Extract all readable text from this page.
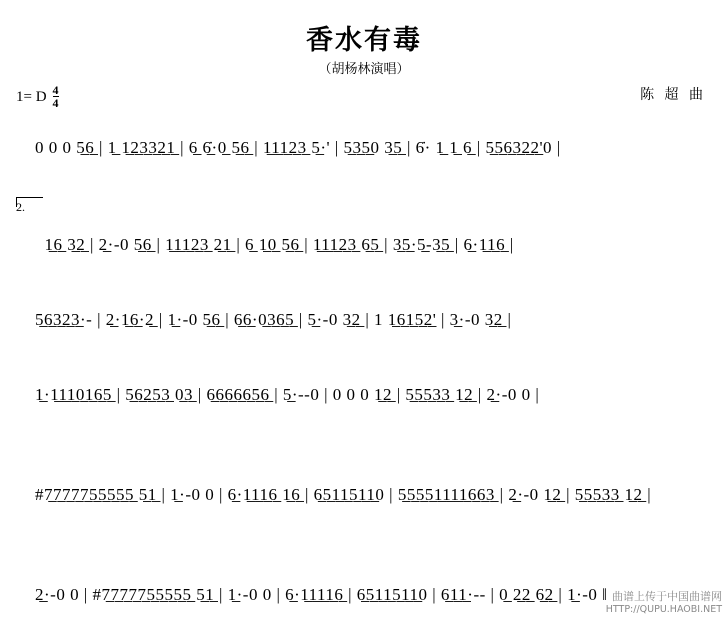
香水有毒
（胡杨林演唱）
1= D $\frac{4}{4}$	陈 超 曲

0 0 0 5̲6̲ | 1̲ 1̲2̲3̲3̲2̲1̲ | 6̲ 6̲̇·0̲ 5̲6̲ | 1̲1̲1̲2̲3̲ 5̲·' | 5̲3̲5̲0 3̲5̲ | 6̇· 1̲ 1̲ 6̲ | 5̲5̲6̲3̲2̲2̲'0 |

2.

1̲6̲ 3̲2̲ | 2̲·-0 5̲6̲ | 1̲1̲1̲2̲3̲ 2̲1̲ | 6̲ 1̲0̲ 5̲6̲ | 1̲1̲1̲2̲3̲ 6̲5̲ | 3̲5̲·5̲-3̲5̲ | 6̲·1̲1̲6̲ |

5̲6̲3̲2̲3̲·- | 2̲·1̲6̲·2̲ | 1̲·-0 5̲6̲ | 6̲6̲·0̲3̲6̲5̲ | 5̲·-0 3̲2̲ | 1 1̲6̲1̲5̲2̲' | 3̲·-0 3̲2̲ |

1̲·1̲1̲1̲0̲1̲6̲5̲ | 5̲6̲2̲5̲3̲ 0̲3̲ | 6̲6̲6̲6̲6̲5̲6̲ | 5̲·--0 | 0 0 0 1̲2̲ | 5̲5̲5̲3̲3̲ 1̲2̲ | 2̲·-0 0 |

#7̲7̲7̲7̲7̲5̲5̲5̲5̲5̲ 5̲1̲ | 1̲·-0 0 | 6̲·1̲1̲1̲6̲ 1̲6̲ | 6̲5̲1̲1̲5̲1̲1̲0 | 5̲5̲5̲5̲1̲1̲1̲1̲6̲6̲3̲ | 2̲·-0 1̲2̲ | 5̲5̲5̲3̲3̲ 1̲2̲ |

2̲·-0 0 | #7̲7̲7̲7̲7̲5̲5̲5̲5̲5̲ 5̲1̲ | 1̲·-0 0 | 6̲·1̲1̲1̲1̲6̲ | 6̲5̲1̲1̲5̲1̲1̲0 | 6̲1̲1̲·-- | 0̲ 2̲2̲ 6̲2̲ | 1̲·-0 ‖
曲谱上传于中国曲谱网
HTTP://QUPU.HAOBI.NET
